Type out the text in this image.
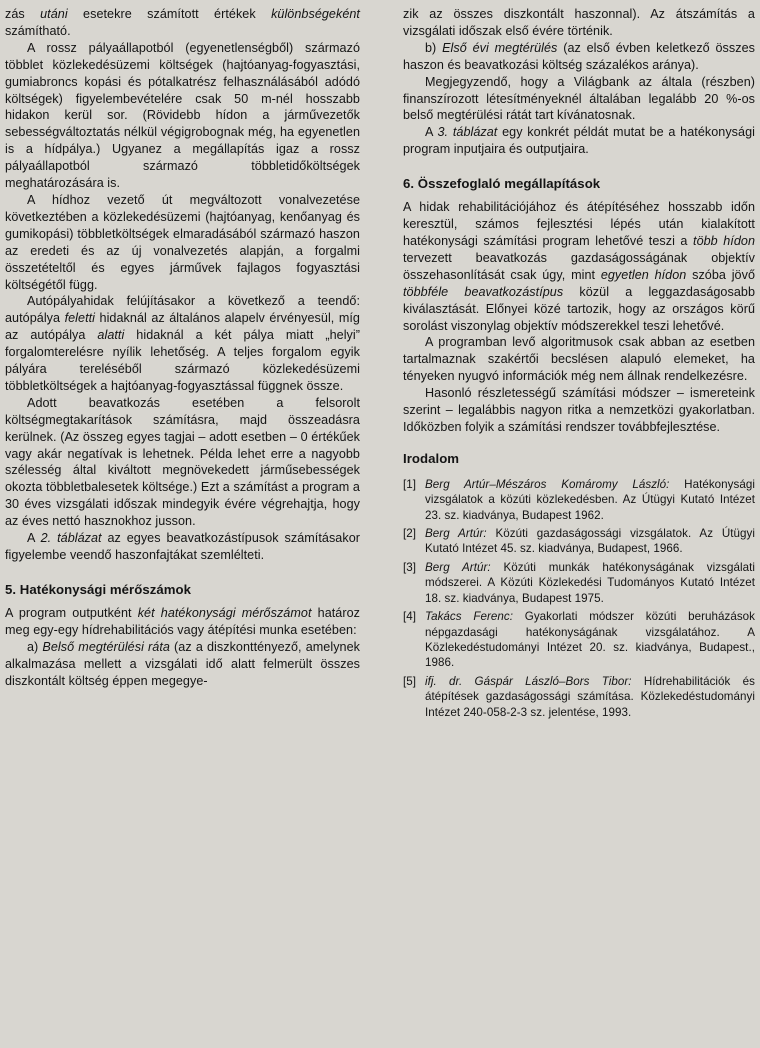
zás utáni esetekre számított értékek különbségeként számítható.

A rossz pályaállapotból (egyenetlenségből) származó többlet közlekedésüzemi költségek (hajtóanyag-fogyasztási, gumiabroncs kopási és pótalkatrész felhasználásából adódó költségek) figyelembevételére csak 50 m-nél hosszabb hidakon kerül sor. (Rövidebb hídon a járművezetők sebességváltoztatás nélkül végigrobognak még, ha egyenetlen is a hídpálya.) Ugyanez a megállapítás igaz a rossz pályaállapotból származó többletidőköltségek meghatározására is.

A hídhoz vezető út megváltozott vonalvezetése következtében a közlekedésüzemi (hajtóanyag, kenőanyag és gumikopási) többletköltségek elmaradásából származó haszon az eredeti és az új vonalvezetés alapján, a forgalmi összetételtől és egyes járművek fajlagos fogyasztási költségétől függ.

Autópályahidak felújításakor a következő a teendő: autópálya feletti hidaknál az általános alapelv érvényesül, míg az autópálya alatti hidaknál a két pálya miatt „helyi” forgalomterelésre nyílik lehetőség. A teljes forgalom egyik pályára tereléséből származó közlekedésüzemi többletköltségek a hajtóanyag-fogyasztással függnek össze.

Adott beavatkozás esetében a felsorolt költségmegtakarítások számításra, majd összeadásra kerülnek. (Az összeg egyes tagjai – adott esetben – 0 értékűek vagy akár negatívak is lehetnek. Példa lehet erre a nagyobb szélesség által kiváltott megnövekedett járműsebességek okozta többletbalesetek költsége.) Ezt a számítást a program a 30 éves vizsgálati időszak mindegyik évére végrehajtja, hogy az éves nettó hasznokhoz jusson.

A 2. táblázat az egyes beavatkozástípusok számításakor figyelembe veendő haszonfajtákat szemlélteti.

5. Hatékonysági mérőszámok

A program outputként két hatékonysági mérőszámot határoz meg egy-egy hídrehabilitációs vagy átépítési munka esetében:

a) Belső megtérülési ráta (az a diszkonttényező, amelynek alkalmazása mellett a vizsgálati idő alatt felmerült összes diszkontált költség éppen megegye-

zik az összes diszkontált haszonnal). Az átszámítás a vizsgálati időszak első évére történik.

b) Első évi megtérülés (az első évben keletkező összes haszon és beavatkozási költség százalékos aránya).

Megjegyzendő, hogy a Világbank az általa (részben) finanszírozott létesítményeknél általában legalább 20 %-os belső megtérülési rátát tart kívánatosnak.

A 3. táblázat egy konkrét példát mutat be a hatékonysági program inputjaira és outputjaira.

6. Összefoglaló megállapítások

A hidak rehabilitációjához és átépítéséhez hosszabb időn keresztül, számos fejlesztési lépés után kialakított hatékonysági számítási program lehetővé teszi a több hídon tervezett beavatkozás gazdaságosságának objektív összehasonlítását csak úgy, mint egyetlen hídon szóba jövő többféle beavatkozástípus közül a leggazdaságosabb kiválasztását. Előnyei közé tartozik, hogy az országos körű sorolást viszonylag objektív módszerekkel teszi lehetővé.

A programban levő algoritmusok csak abban az esetben tartalmaznak szakértői becslésen alapuló elemeket, ha tényeken nyugvó információk még nem állnak rendelkezésre.

Hasonló részletességű számítási módszer – ismereteink szerint – legalábbis nagyon ritka a nemzetközi gyakorlatban. Időközben folyik a számítási rendszer továbbfejlesztése.

Irodalom
[1] Berg Artúr–Mészáros Komáromy László: Hatékonysági vizsgálatok a közúti közlekedésben. Az Útügyi Kutató Intézet 23. sz. kiadványa, Budapest 1962.
[2] Berg Artúr: Közúti gazdaságossági vizsgálatok. Az Útügyi Kutató Intézet 45. sz. kiadványa, Budapest, 1966.
[3] Berg Artúr: Közúti munkák hatékonyságának vizsgálati módszerei. A Közúti Közlekedési Tudományos Kutató Intézet 18. sz. kiadványa, Budapest 1975.
[4] Takács Ferenc: Gyakorlati módszer közúti beruházások népgazdasági hatékonyságának vizsgálatához. A Közlekedéstudományi Intézet 20. sz. kiadványa, Budapest., 1986.
[5] ifj. dr. Gáspár László–Bors Tibor: Hídrehabilitációk és átépítések gazdaságossági számítása. Közlekedéstudományi Intézet 240-058-2-3 sz. jelentése, 1993.
